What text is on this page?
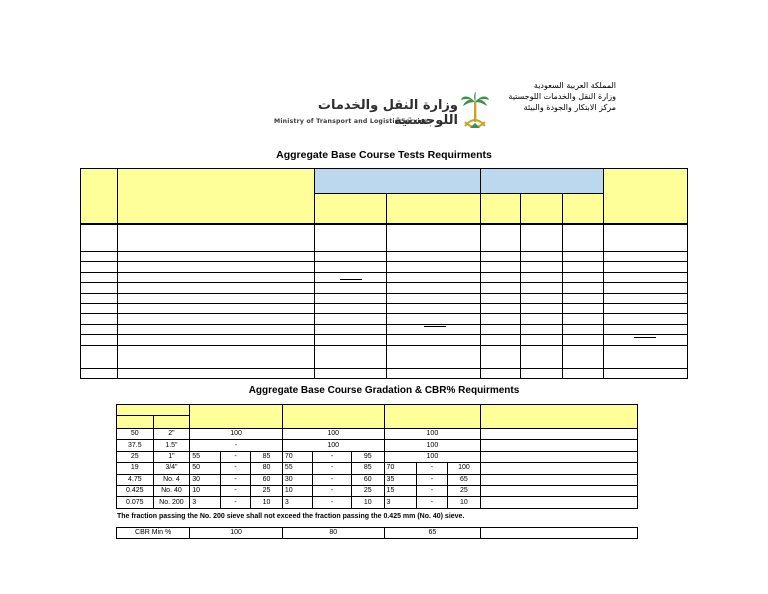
المملكة العربية السعودية
وزارة النقل والخدمات اللوجستية
مركز الابتكار والجودة والبيئة
وزارة النقل والخدمات اللوجستية
Ministry of Transport and Logistic Services
Aggregate Base Course Tests Requirments

Aggregate Base Course Gradation & CBR% Requirments

50	2"	100			100			100			
37.5	1.5"	-			100			100			
25	1"	55	-	85	70	-	95	100			
19	3/4"	50	-	80	55	-	85	70	-	100	
4.75	No. 4	30	-	60	30	-	60	35	-	65	
0.425	No. 40	10	-	25	10	-	25	15	-	25	
0.075	No. 200	3	-	10	3	-	10	3	-	10	
The fraction passing the No. 200 sieve shall not exceed the fraction passing the 0.425 mm (No. 40) sieve.
CBR Min %	100	80	65	
